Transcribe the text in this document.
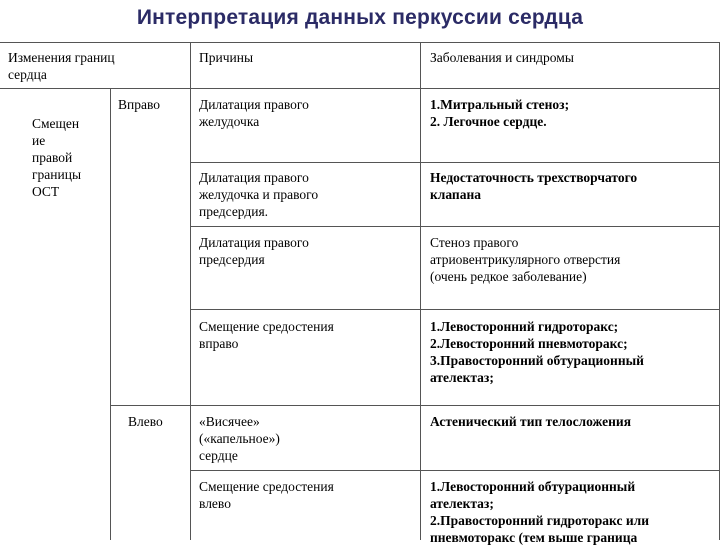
Интерпретация данных перкуссии сердца
Изменения границ
сердца
Причины	Заболевания и синдромы
Смещен
ие
правой
границы
ОСТ
Вправо
Влево
Дилатация правого
желудочка
1.Митральный стеноз;
2. Легочное сердце.
Дилатация правого
желудочка и правого
предсердия.
Недостаточность трехстворчатого
клапана
Дилатация правого
предсердия
Стеноз правого
атриовентрикулярного отверстия
(очень редкое заболевание)
Смещение средостения
вправо
1.Левосторонний гидроторакс;
2.Левосторонний пневмоторакс;
3.Правосторонний обтурационный
ателектаз;
«Висячее»
(«капельное»)
сердце
Астенический тип телосложения
Смещение средостения
влево
1.Левосторонний обтурационный
ателектаз;
2.Правосторонний гидроторакс или
пневмоторакс (тем выше граница
